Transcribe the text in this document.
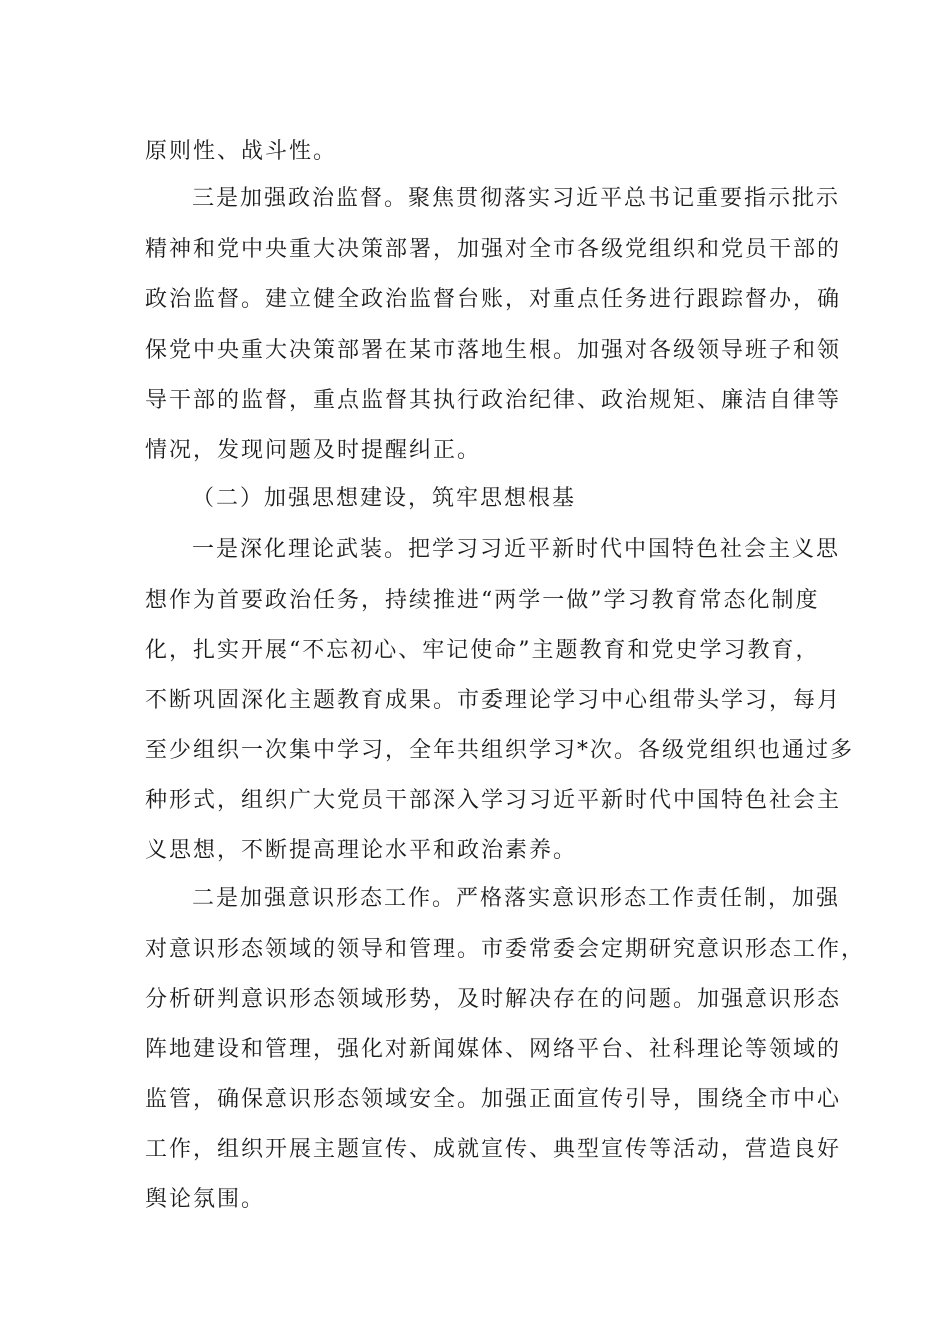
原则性、战斗性。
三是加强政治监督。聚焦贯彻落实习近平总书记重要指示批示
精神和党中央重大决策部署，加强对全市各级党组织和党员干部的
政治监督。建立健全政治监督台账，对重点任务进行跟踪督办，确
保党中央重大决策部署在某市落地生根。加强对各级领导班子和领
导干部的监督，重点监督其执行政治纪律、政治规矩、廉洁自律等
情况，发现问题及时提醒纠正。
（二）加强思想建设，筑牢思想根基
一是深化理论武装。把学习习近平新时代中国特色社会主义思
想作为首要政治任务，持续推进“两学一做”学习教育常态化制度
化，扎实开展“不忘初心、牢记使命”主题教育和党史学习教育，
不断巩固深化主题教育成果。市委理论学习中心组带头学习，每月
至少组织一次集中学习，全年共组织学习*次。各级党组织也通过多
种形式，组织广大党员干部深入学习习近平新时代中国特色社会主
义思想，不断提高理论水平和政治素养。
二是加强意识形态工作。严格落实意识形态工作责任制，加强
对意识形态领域的领导和管理。市委常委会定期研究意识形态工作，
分析研判意识形态领域形势，及时解决存在的问题。加强意识形态
阵地建设和管理，强化对新闻媒体、网络平台、社科理论等领域的
监管，确保意识形态领域安全。加强正面宣传引导，围绕全市中心
工作，组织开展主题宣传、成就宣传、典型宣传等活动，营造良好
舆论氛围。
